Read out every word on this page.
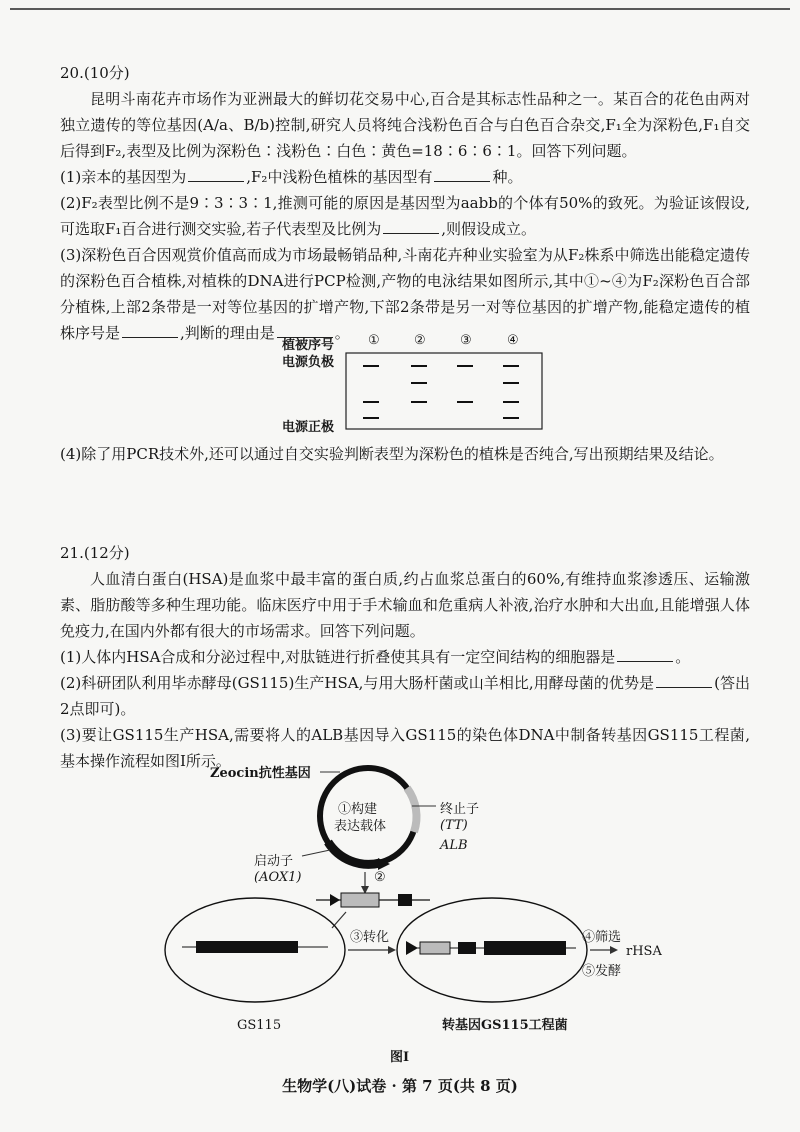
20.(10分)
昆明斗南花卉市场作为亚洲最大的鲜切花交易中心,百合是其标志性品种之一。某百合的花色由两对独立遗传的等位基因(A/a、B/b)控制,研究人员将纯合浅粉色百合与白色百合杂交,F₁全为深粉色,F₁自交后得到F₂,表型及比例为深粉色∶浅粉色∶白色∶黄色=18∶6∶6∶1。回答下列问题。
(1)亲本的基因型为	,F₂中浅粉色植株的基因型有	种。
(2)F₂表型比例不是9∶3∶3∶1,推测可能的原因是基因型为aabb的个体有50%的致死。为验证该假设,可选取F₁百合进行测交实验,若子代表型及比例为	,则假设成立。
(3)深粉色百合因观赏价值高而成为市场最畅销品种,斗南花卉种业实验室为从F₂株系中筛选出能稳定遗传的深粉色百合植株,对植株的DNA进行PCP检测,产物的电泳结果如图所示,其中①~④为F₂深粉色百合部分植株,上部2条带是一对等位基因的扩增产物,下部2条带是另一对等位基因的扩增产物,能稳定遗传的植株序号是	,判断的理由是	。
植被序号
电源负极
电源正极
①	②	③	④
(4)除了用PCR技术外,还可以通过自交实验判断表型为深粉色的植株是否纯合,写出预期结果及结论。
21.(12分)
人血清白蛋白(HSA)是血浆中最丰富的蛋白质,约占血浆总蛋白的60%,有维持血浆渗透压、运输激素、脂肪酸等多种生理功能。临床医疗中用于手术输血和危重病人补液,治疗水肿和大出血,且能增强人体免疫力,在国内外都有很大的市场需求。回答下列问题。
(1)人体内HSA合成和分泌过程中,对肽链进行折叠使其具有一定空间结构的细胞器是	。
(2)科研团队利用毕赤酵母(GS115)生产HSA,与用大肠杆菌或山羊相比,用酵母菌的优势是	(答出2点即可)。
(3)要让GS115生产HSA,需要将人的ALB基因导入GS115的染色体DNA中制备转基因GS115工程菌,基本操作流程如图Ⅰ所示。
Zeocin抗性基因
①构建
表达载体
终止子
(TT)
ALB
启动子
(AOX1)	②
③转化	④筛选
rHSA
⑤发酵
GS115	转基因GS115工程菌
图Ⅰ
生物学(八)试卷 · 第 7 页(共 8 页)
